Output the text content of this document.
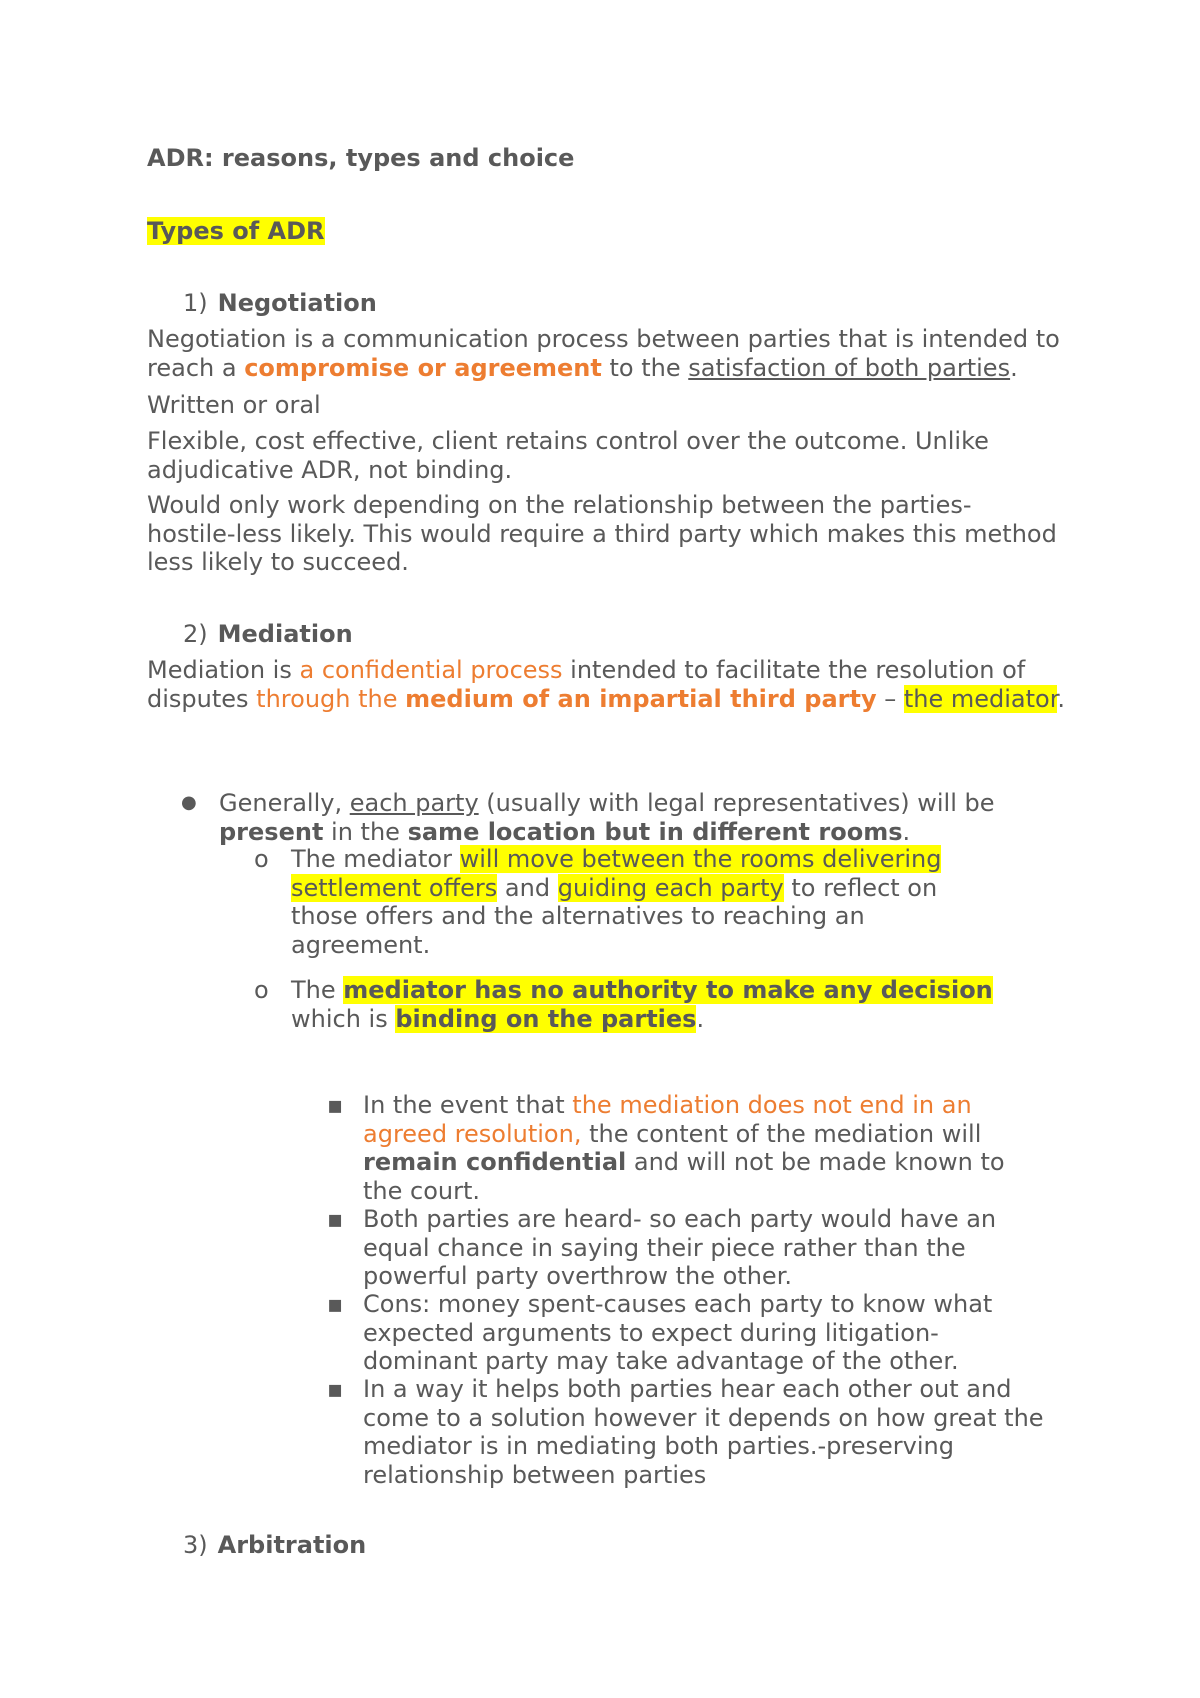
ADR: reasons, types and choice
Types of ADR
1) Negotiation
Negotiation is a communication process between parties that is intended to reach a compromise or agreement to the satisfaction of both parties.
Written or oral
Flexible, cost effective, client retains control over the outcome. Unlike adjudicative ADR, not binding.
Would only work depending on the relationship between the parties- hostile-less likely. This would require a third party which makes this method less likely to succeed.
2) Mediation
Mediation is a confidential process intended to facilitate the resolution of disputes through the medium of an impartial third party – the mediator.
● Generally, each party (usually with legal representatives) will be present in the same location but in different rooms.
o The mediator will move between the rooms delivering settlement offers and guiding each party to reflect on those offers and the alternatives to reaching an agreement.
o The mediator has no authority to make any decision which is binding on the parties.
▪ In the event that the mediation does not end in an agreed resolution, the content of the mediation will remain confidential and will not be made known to the court.
▪ Both parties are heard- so each party would have an equal chance in saying their piece rather than the powerful party overthrow the other.
▪ Cons: money spent-causes each party to know what expected arguments to expect during litigation- dominant party may take advantage of the other.
▪ In a way it helps both parties hear each other out and come to a solution however it depends on how great the mediator is in mediating both parties.-preserving relationship between parties
3) Arbitration
